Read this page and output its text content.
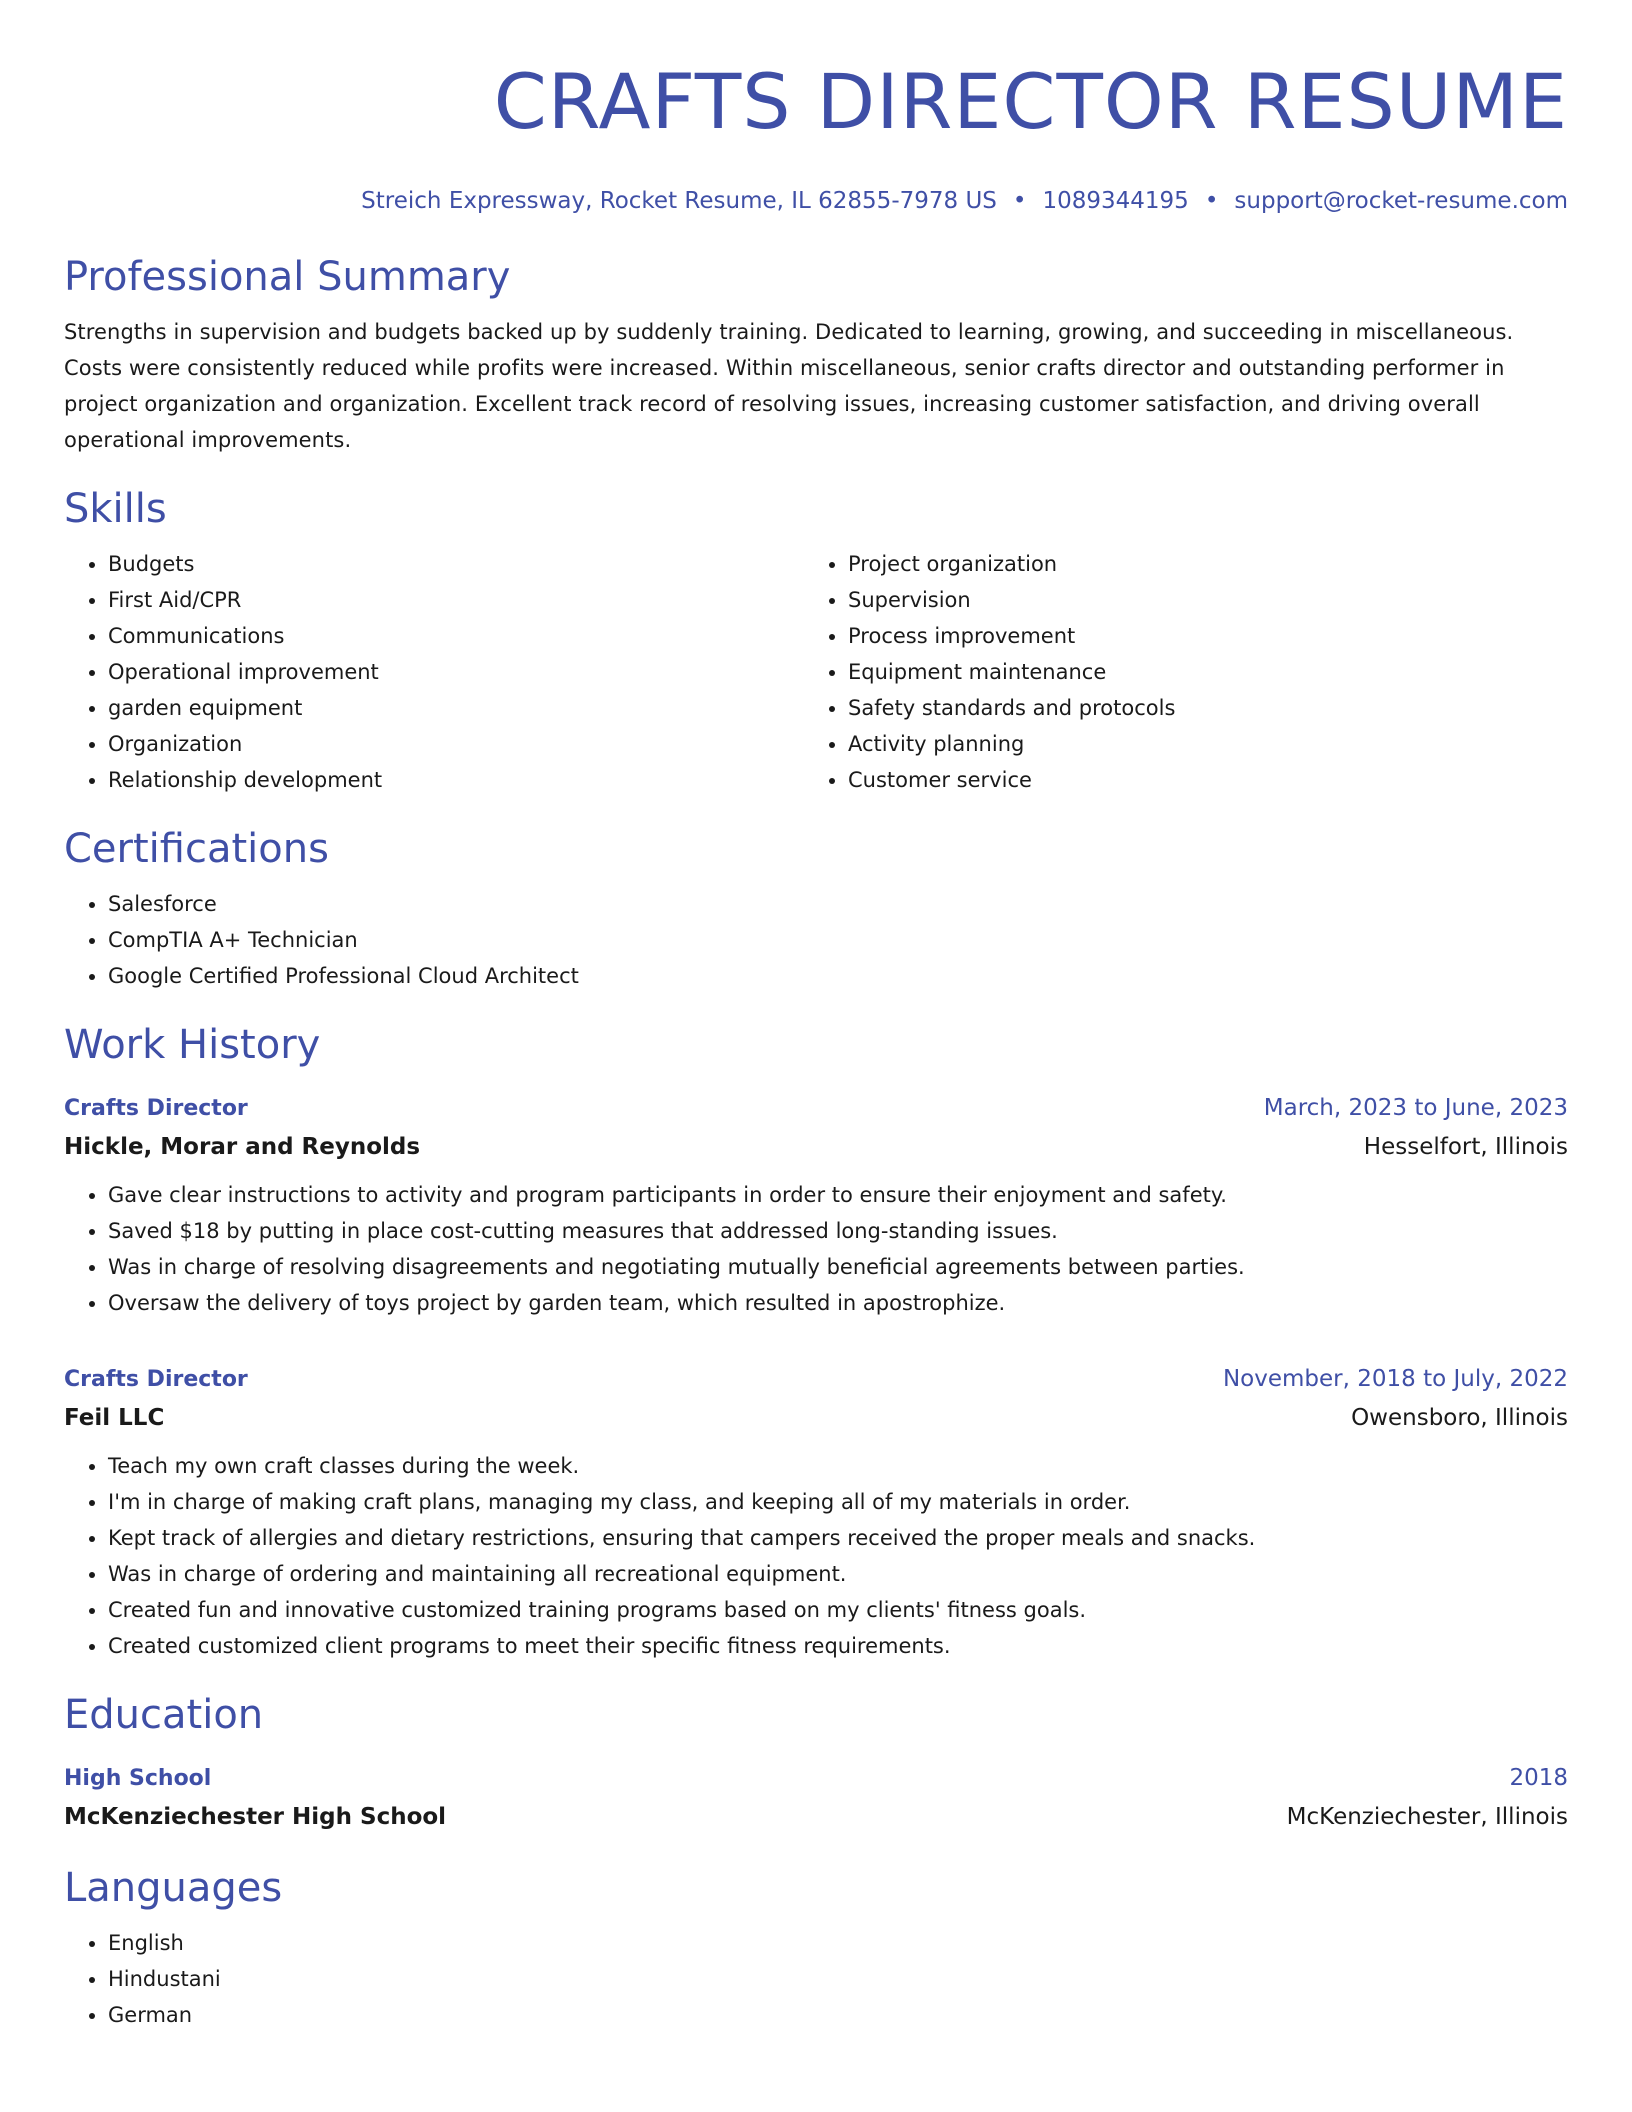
CRAFTS DIRECTOR RESUME
Streich Expressway, Rocket Resume, IL 62855-7978 US • 1089344195 • support@rocket-resume.com
Professional Summary
Strengths in supervision and budgets backed up by suddenly training. Dedicated to learning, growing, and succeeding in miscellaneous. Costs were consistently reduced while profits were increased. Within miscellaneous, senior crafts director and outstanding performer in project organization and organization. Excellent track record of resolving issues, increasing customer satisfaction, and driving overall operational improvements.
Skills
• Budgets
• First Aid/CPR
• Communications
• Operational improvement
• garden equipment
• Organization
• Relationship development
• Project organization
• Supervision
• Process improvement
• Equipment maintenance
• Safety standards and protocols
• Activity planning
• Customer service
Certifications
• Salesforce
• CompTIA A+ Technician
• Google Certified Professional Cloud Architect
Work History
Crafts Director	March, 2023 to June, 2023
Hickle, Morar and Reynolds	Hesselfort, Illinois
• Gave clear instructions to activity and program participants in order to ensure their enjoyment and safety.
• Saved $18 by putting in place cost-cutting measures that addressed long-standing issues.
• Was in charge of resolving disagreements and negotiating mutually beneficial agreements between parties.
• Oversaw the delivery of toys project by garden team, which resulted in apostrophize.
Crafts Director	November, 2018 to July, 2022
Feil LLC	Owensboro, Illinois
• Teach my own craft classes during the week.
• I'm in charge of making craft plans, managing my class, and keeping all of my materials in order.
• Kept track of allergies and dietary restrictions, ensuring that campers received the proper meals and snacks.
• Was in charge of ordering and maintaining all recreational equipment.
• Created fun and innovative customized training programs based on my clients' fitness goals.
• Created customized client programs to meet their specific fitness requirements.
Education
High School	2018
McKenziechester High School	McKenziechester, Illinois
Languages
• English
• Hindustani
• German
